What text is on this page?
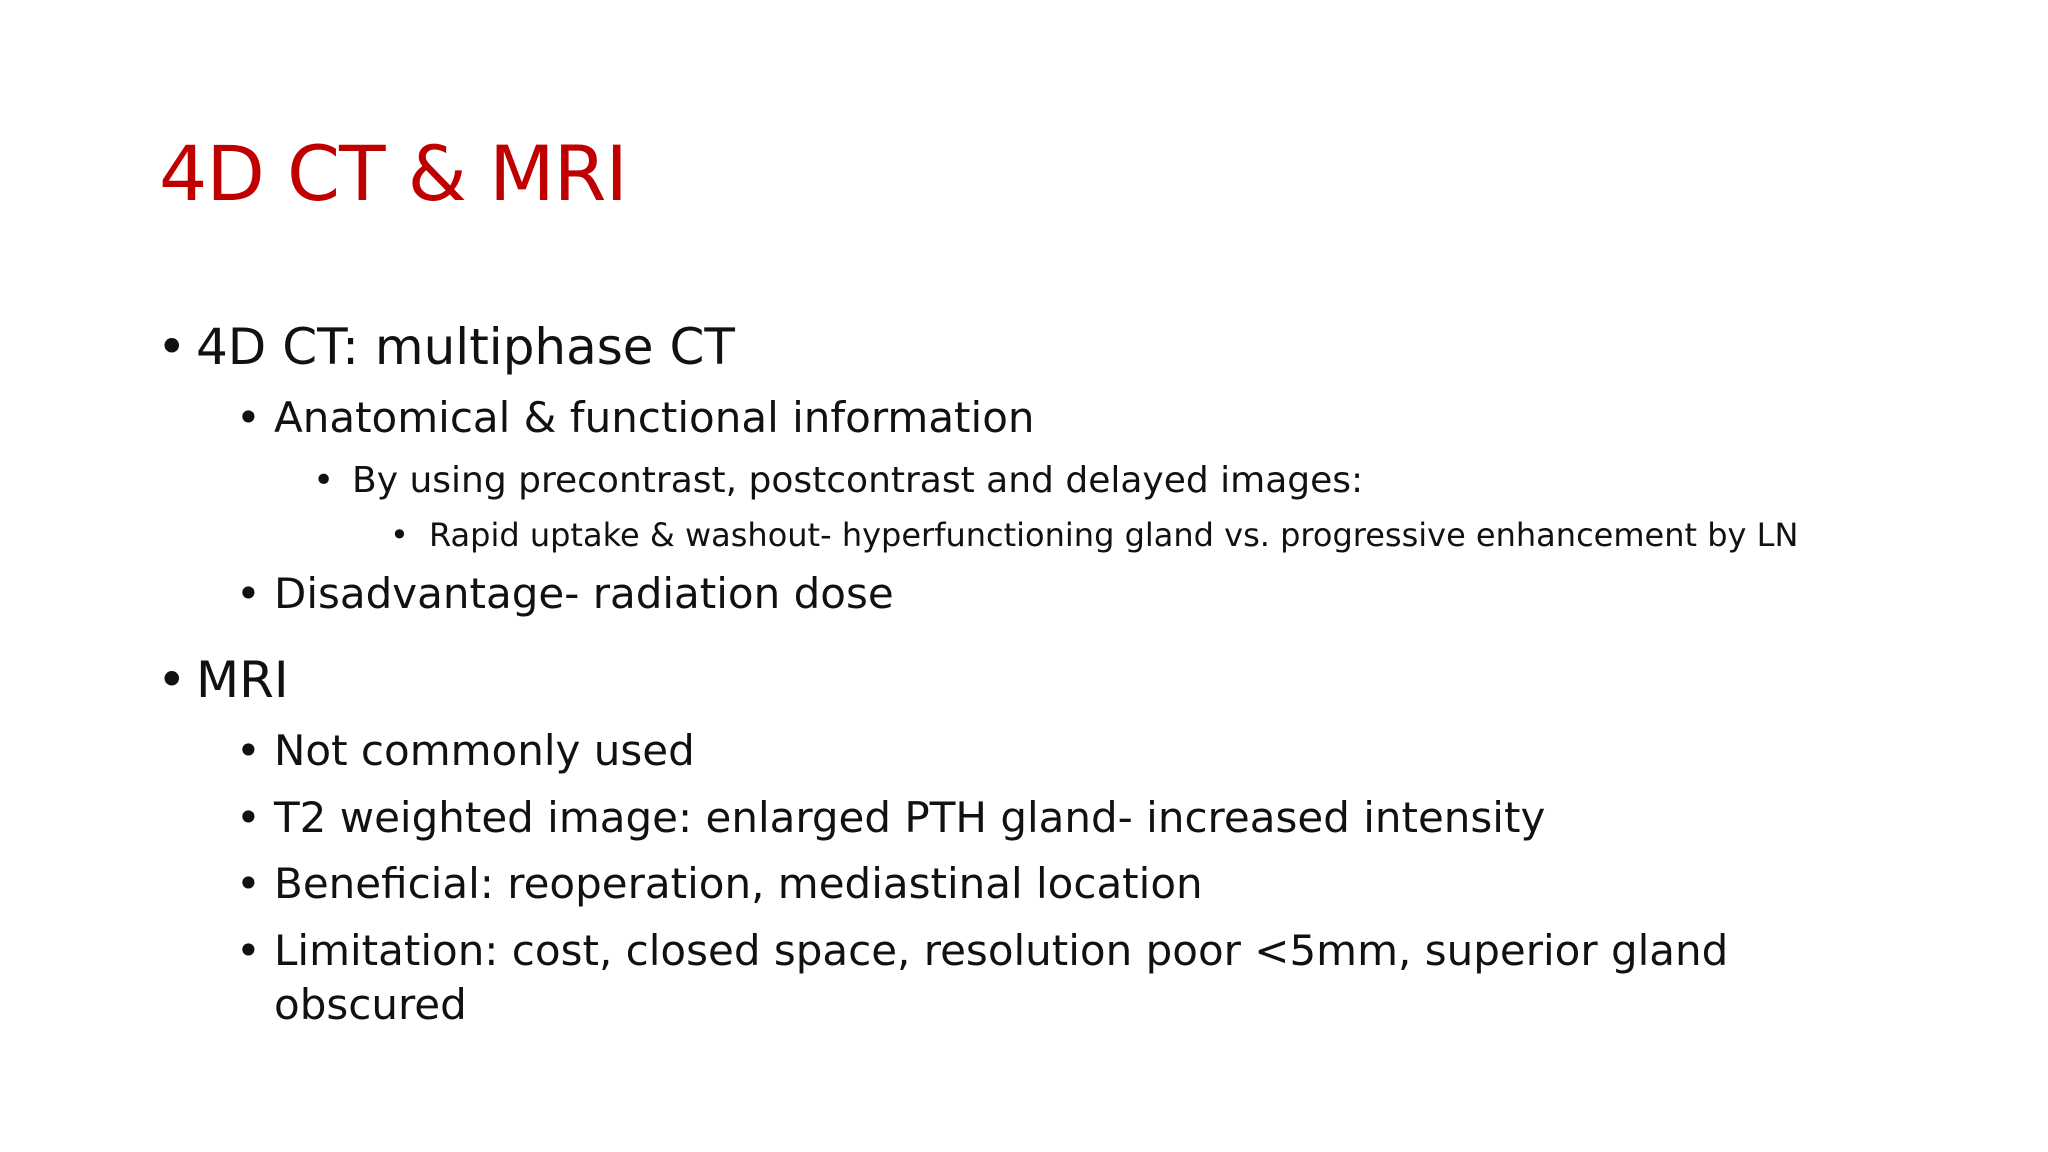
4D CT & MRI
• 4D CT: multiphase CT
• Anatomical & functional information
• By using precontrast, postcontrast and delayed images:
• Rapid uptake & washout- hyperfunctioning gland vs. progressive enhancement by LN
• Disadvantage- radiation dose
• MRI
• Not commonly used
• T2 weighted image: enlarged PTH gland- increased intensity
• Beneficial: reoperation, mediastinal location
• Limitation: cost, closed space, resolution poor <5mm, superior gland
obscured
